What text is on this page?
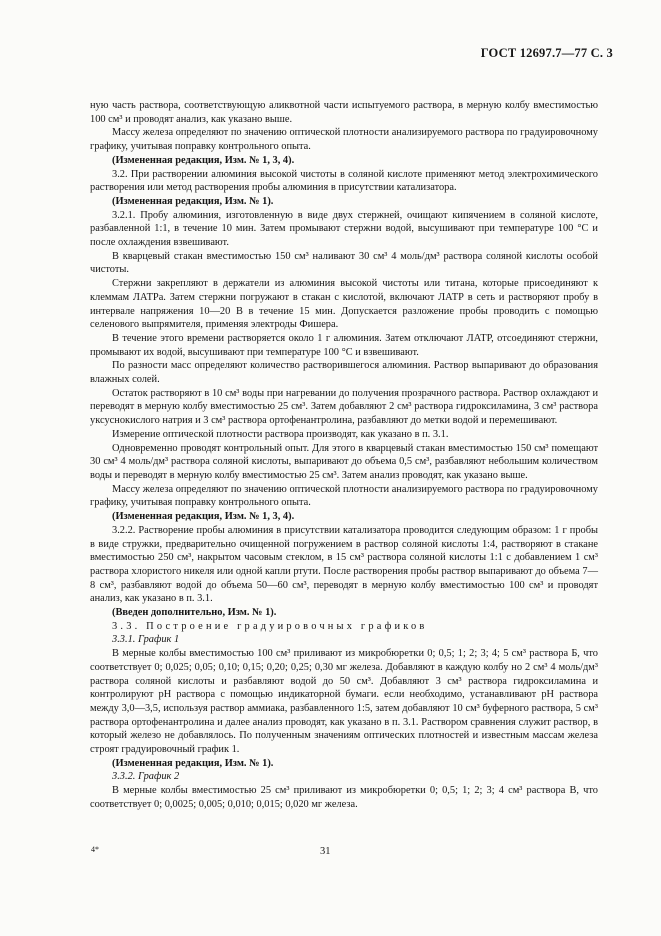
ГОСТ 12697.7—77 С. 3

ную часть раствора, соответствующую аликвотной части испытуемого раствора, в мерную колбу вместимостью 100 см³ и проводят анализ, как указано выше.

Массу железа определяют по значению оптической плотности анализируемого раствора по градуировочному графику, учитывая поправку контрольного опыта.

(Измененная редакция, Изм. № 1, 3, 4).

3.2. При растворении алюминия высокой чистоты в соляной кислоте применяют метод электрохимического растворения или метод растворения пробы алюминия в присутствии катализатора.

(Измененная редакция, Изм. № 1).

3.2.1. Пробу алюминия, изготовленную в виде двух стержней, очищают кипячением в соляной кислоте, разбавленной 1:1, в течение 10 мин. Затем промывают стержни водой, высушивают при температуре 100 °С и после охлаждения взвешивают.

В кварцевый стакан вместимостью 150 см³ наливают 30 см³ 4 моль/дм³ раствора соляной кислоты особой чистоты.

Стержни закрепляют в держатели из алюминия высокой чистоты или титана, которые присоединяют к клеммам ЛАТРа. Затем стержни погружают в стакан с кислотой, включают ЛАТР в сеть и растворяют пробу в интервале напряжения 10—20 В в течение 15 мин. Допускается разложение пробы проводить с помощью селенового выпрямителя, применяя электроды Фишера.

В течение этого времени растворяется около 1 г алюминия. Затем отключают ЛАТР, отсоединяют стержни, промывают их водой, высушивают при температуре 100 °С и взвешивают.

По разности масс определяют количество растворившегося алюминия. Раствор выпаривают до образования влажных солей.

Остаток растворяют в 10 см³ воды при нагревании до получения прозрачного раствора. Раствор охлаждают и переводят в мерную колбу вместимостью 25 см³. Затем добавляют 2 см³ раствора гидроксиламина, 3 см³ раствора уксуснокислого натрия и 3 см³ раствора ортофенантролина, разбавляют до метки водой и перемешивают.

Измерение оптической плотности раствора производят, как указано в п. 3.1.

Одновременно проводят контрольный опыт. Для этого в кварцевый стакан вместимостью 150 см³ помещают 30 см³ 4 моль/дм³ раствора соляной кислоты, выпаривают до объема 0,5 см³, разбавляют небольшим количеством воды и переводят в мерную колбу вместимостью 25 см³. Затем анализ проводят, как указано выше.

Массу железа определяют по значению оптической плотности анализируемого раствора по градуировочному графику, учитывая поправку контрольного опыта.

(Измененная редакция, Изм. № 1, 3, 4).

3.2.2. Растворение пробы алюминия в присутствии катализатора проводится следующим образом: 1 г пробы в виде стружки, предварительно очищенной погружением в раствор соляной кислоты 1:4, растворяют в стакане вместимостью 250 см³, накрытом часовым стеклом, в 15 см³ раствора соляной кислоты 1:1 с добавлением 1 см³ раствора хлористого никеля или одной капли ртути. После растворения пробы раствор выпаривают до объема 7—8 см³, разбавляют водой до объема 50—60 см³, переводят в мерную колбу вместимостью 100 см³ и проводят анализ, как указано в п. 3.1.

(Введен дополнительно, Изм. № 1).

3.3. Построение градуировочных графиков

3.3.1. График 1

В мерные колбы вместимостью 100 см³ приливают из микробюретки 0; 0,5; 1; 2; 3; 4; 5 см³ раствора Б, что соответствует 0; 0,025; 0,05; 0,10; 0,15; 0,20; 0,25; 0,30 мг железа. Добавляют в каждую колбу но 2 см³ 4 моль/дм³ раствора соляной кислоты и разбавляют водой до 50 см³. Добавляют 3 см³ раствора гидроксиламина и контролируют рН раствора с помощью индикаторной бумаги. если необходимо, устанавливают рН раствора между 3,0—3,5, используя раствор аммиака, разбавленного 1:5, затем добавляют 10 см³ буферного раствора, 5 см³ раствора ортофенантролина и далее анализ проводят, как указано в п. 3.1. Раствором сравнения служит раствор, в который железо не добавлялось. По полученным значениям оптических плотностей и известным массам железа строят градуировочный график 1.

(Измененная редакция, Изм. № 1).

3.3.2. График 2

В мерные колбы вместимостью 25 см³ приливают из микробюретки 0; 0,5; 1; 2; 3; 4 см³ раствора В, что соответствует 0; 0,0025; 0,005; 0,010; 0,015; 0,020 мг железа.

4*	31
